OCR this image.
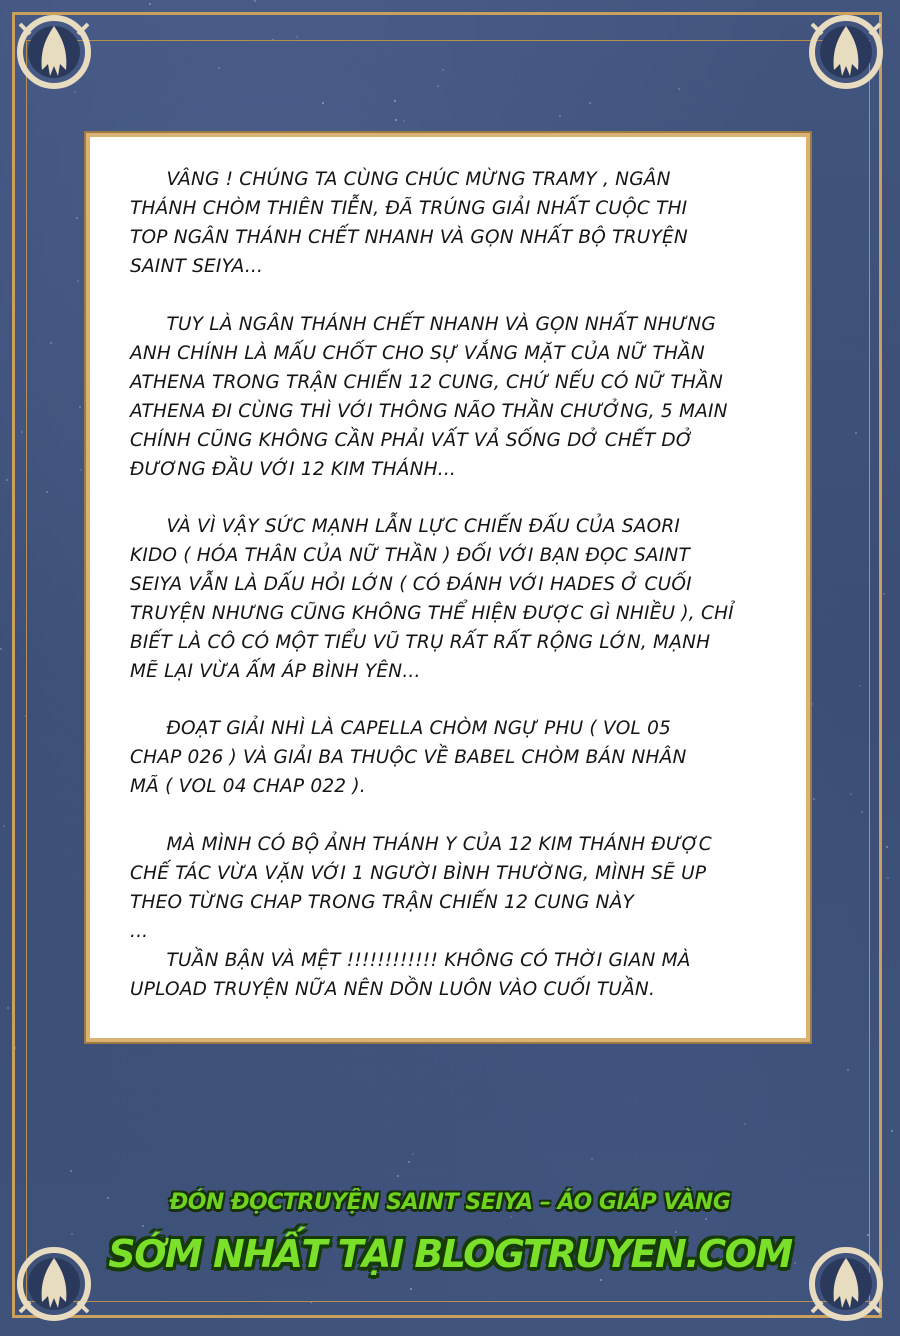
VÂNG ! CHÚNG TA CÙNG CHÚC MỪNG TRAMY , NGÂN
THÁNH CHÒM THIÊN TIỄN, ĐÃ TRÚNG GIẢI NHẤT CUỘC THI
TOP NGÂN THÁNH CHẾT NHANH VÀ GỌN NHẤT BỘ TRUYỆN
SAINT SEIYA...

TUY LÀ NGÂN THÁNH CHẾT NHANH VÀ GỌN NHẤT NHƯNG
ANH CHÍNH LÀ MẤU CHỐT CHO SỰ VẮNG MẶT CỦA NỮ THẦN
ATHENA TRONG TRẬN CHIẾN 12 CUNG, CHỨ NẾU CÓ NỮ THẦN
ATHENA ĐI CÙNG THÌ VỚI THÔNG NÃO THẦN CHƯỞNG, 5 MAIN
CHÍNH CŨNG KHÔNG CẦN PHẢI VẤT VẢ SỐNG DỞ CHẾT DỞ
ĐƯƠNG ĐẦU VỚI 12 KIM THÁNH...

VÀ VÌ VẬY SỨC MẠNH LẪN LỰC CHIẾN ĐẤU CỦA SAORI
KIDO ( HÓA THÂN CỦA NỮ THẦN ) ĐỐI VỚI BẠN ĐỌC SAINT
SEIYA VẪN LÀ DẤU HỎI LỚN ( CÓ ĐÁNH VỚI HADES Ở CUỐI
TRUYỆN NHƯNG CŨNG KHÔNG THỂ HIỆN ĐƯỢC GÌ NHIỀU ), CHỈ
BIẾT LÀ CÔ CÓ MỘT TIỂU VŨ TRỤ RẤT RẤT RỘNG LỚN, MẠNH
MẼ LẠI VỪA ẤM ÁP BÌNH YÊN...

ĐOẠT GIẢI NHÌ LÀ CAPELLA CHÒM NGỰ PHU ( VOL 05
CHAP 026 ) VÀ GIẢI BA THUỘC VỀ BABEL CHÒM BÁN NHÂN
MÃ ( VOL 04 CHAP 022 ).

MÀ MÌNH CÓ BỘ ẢNH THÁNH Y CỦA 12 KIM THÁNH ĐƯỢC
CHẾ TÁC VỪA VẶN VỚI 1 NGƯỜI BÌNH THƯỜNG, MÌNH SẼ UP
THEO TỪNG CHAP TRONG TRẬN CHIẾN 12 CUNG NÀY
...
TUẦN BẬN VÀ MỆT !!!!!!!!!!!! KHÔNG CÓ THỜI GIAN MÀ
UPLOAD TRUYỆN NỮA NÊN DỒN LUÔN VÀO CUỐI TUẦN.

ĐÓN ĐỌCTRUYỆN SAINT SEIYA – ÁO GIÁP VÀNG
SỚM NHẤT TẠI BLOGTRUYEN.COM
